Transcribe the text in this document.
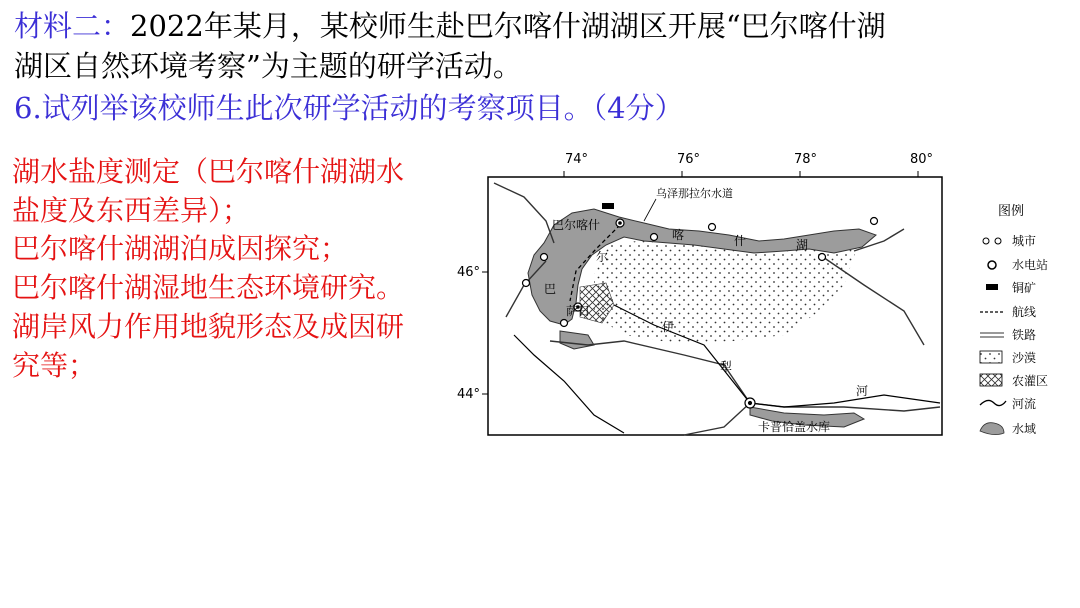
材料二：2022年某月，某校师生赴巴尔喀什湖湖区开展“巴尔喀什湖
湖区自然环境考察”为主题的研学活动。
6.试列举该校师生此次研学活动的考察项目。（4分）
湖水盐度测定（巴尔喀什湖湖水
盐度及东西差异）；
巴尔喀什湖湖泊成因探究；
巴尔喀什湖湿地生态环境研究。
湖岸风力作用地貌形态及成因研
究等；
74°	76°	78°	80°
46°
44°
巴尔喀什
乌泽那拉尔水道
萨日
卡普恰盖水库
巴
尔
喀	什	湖
伊
犁
河
图例
城市
水电站
铜矿
航线
铁路
沙漠
农灌区
河流
水域
